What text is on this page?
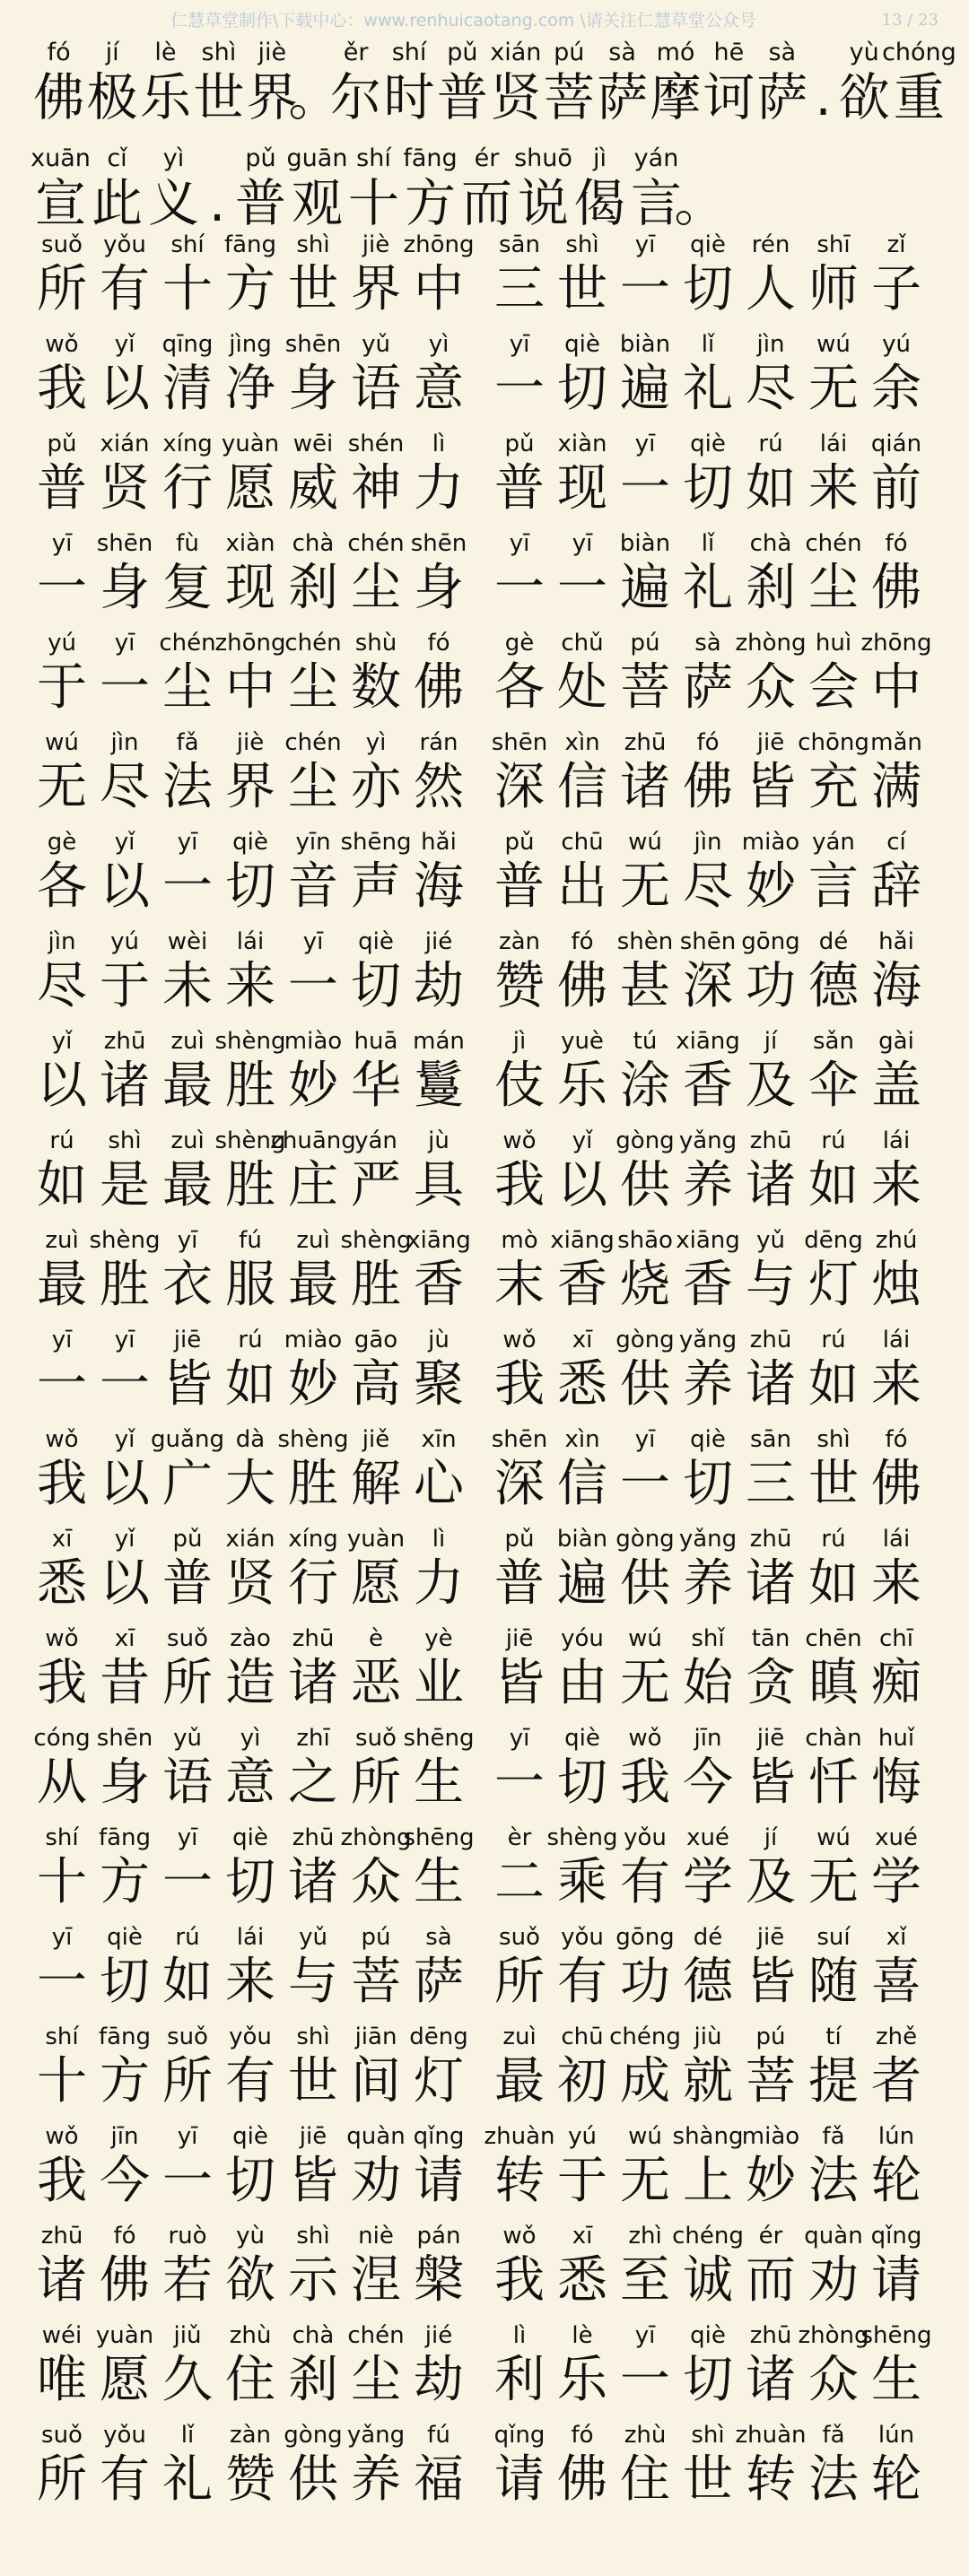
仁慧草堂制作\下载中心：www.renhuicaotang.com \请关注仁慧草堂公众号	13 / 23
fó
佛
jí
极
lè
乐
shì
世
jiè
界
。
ěr
尔
shí
时
pǔ
普
xián
贤
pú
菩
sà
萨
mó
摩
hē
诃
sà
萨 .
yù
欲
chóng
重
xuān
宣
cǐ
此
yì
义 .
pǔ
普
guān
观
shí
十
fāng
方
ér
而
shuō
说
jì
偈
yán
言
。
suǒ
所
yǒu
有
shí
十
fāng
方
shì
世
jiè
界
zhōng
中
sān
三
shì
世
yī
一
qiè
切
rén
人
shī
师
zǐ
子
wǒ
我
yǐ
以
qīng
清
jìng
净
shēn
身
yǔ
语
yì
意
yī
一
qiè
切
biàn
遍
lǐ
礼
jìn
尽
wú
无
yú
余
pǔ
普
xián
贤
xíng
行
yuàn
愿
wēi
威
shén
神
lì
力
pǔ
普
xiàn
现
yī
一
qiè
切
rú
如
lái
来
qián
前
yī
一
shēn
身
fù
复
xiàn
现
chà
刹
chén
尘
shēn
身
yī
一
yī
一
biàn
遍
lǐ
礼
chà
刹
chén
尘
fó
佛
yú
于
yī
一
chén
尘
zhōng
中
chén
尘
shù
数
fó
佛
gè
各
chǔ
处
pú
菩
sà
萨
zhòng
众
huì
会
zhōng
中
wú
无
jìn
尽
fǎ
法
jiè
界
chén
尘
yì
亦
rán
然
shēn
深
xìn
信
zhū
诸
fó
佛
jiē
皆
chōng
充
mǎn
满
gè
各
yǐ
以
yī
一
qiè
切
yīn
音
shēng
声
hǎi
海
pǔ
普
chū
出
wú
无
jìn
尽
miào
妙
yán
言
cí
辞
jìn
尽
yú
于
wèi
未
lái
来
yī
一
qiè
切
jié
劫
zàn
赞
fó
佛
shèn
甚
shēn
深
gōng
功
dé
德
hǎi
海
yǐ
以
zhū
诸
zuì
最
shèng
胜
miào
妙
huā
华
mán
鬘
jì
伎
yuè
乐
tú
涂
xiāng
香
jí
及
sǎn
伞
gài
盖
rú
如
shì
是
zuì
最
shèng
胜
zhuāng
庄
yán
严
jù
具
wǒ
我
yǐ
以
gòng
供
yǎng
养
zhū
诸
rú
如
lái
来
zuì
最
shèng
胜
yī
衣
fú
服
zuì
最
shèng
胜
xiāng
香
mò
末
xiāng
香
shāo
烧
xiāng
香
yǔ
与
dēng
灯
zhú
烛
yī
一
yī
一
jiē
皆
rú
如
miào
妙
gāo
高
jù
聚
wǒ
我
xī
悉
gòng
供
yǎng
养
zhū
诸
rú
如
lái
来
wǒ
我
yǐ
以
guǎng
广
dà
大
shèng
胜
jiě
解
xīn
心
shēn
深
xìn
信
yī
一
qiè
切
sān
三
shì
世
fó
佛
xī
悉
yǐ
以
pǔ
普
xián
贤
xíng
行
yuàn
愿
lì
力
pǔ
普
biàn
遍
gòng
供
yǎng
养
zhū
诸
rú
如
lái
来
wǒ
我
xī
昔
suǒ
所
zào
造
zhū
诸
è
恶
yè
业
jiē
皆
yóu
由
wú
无
shǐ
始
tān
贪
chēn
瞋
chī
痴
cóng
从
shēn
身
yǔ
语
yì
意
zhī
之
suǒ
所
shēng
生
yī
一
qiè
切
wǒ
我
jīn
今
jiē
皆
chàn
忏
huǐ
悔
shí
十
fāng
方
yī
一
qiè
切
zhū
诸
zhòng
众
shēng
生
èr
二
shèng
乘
yǒu
有
xué
学
jí
及
wú
无
xué
学
yī
一
qiè
切
rú
如
lái
来
yǔ
与
pú
菩
sà
萨
suǒ
所
yǒu
有
gōng
功
dé
德
jiē
皆
suí
随
xǐ
喜
shí
十
fāng
方
suǒ
所
yǒu
有
shì
世
jiān
间
dēng
灯
zuì
最
chū
初
chéng
成
jiù
就
pú
菩
tí
提
zhě
者
wǒ
我
jīn
今
yī
一
qiè
切
jiē
皆
quàn
劝
qǐng
请
zhuàn
转
yú
于
wú
无
shàng
上
miào
妙
fǎ
法
lún
轮
zhū
诸
fó
佛
ruò
若
yù
欲
shì
示
niè
涅
pán
槃
wǒ
我
xī
悉
zhì
至
chéng
诚
ér
而
quàn
劝
qǐng
请
wéi
唯
yuàn
愿
jiǔ
久
zhù
住
chà
刹
chén
尘
jié
劫
lì
利
lè
乐
yī
一
qiè
切
zhū
诸
zhòng
众
shēng
生
suǒ
所
yǒu
有
lǐ
礼
zàn
赞
gòng
供
yǎng
养
fú
福
qǐng
请
fó
佛
zhù
住
shì
世
zhuàn
转
fǎ
法
lún
轮
